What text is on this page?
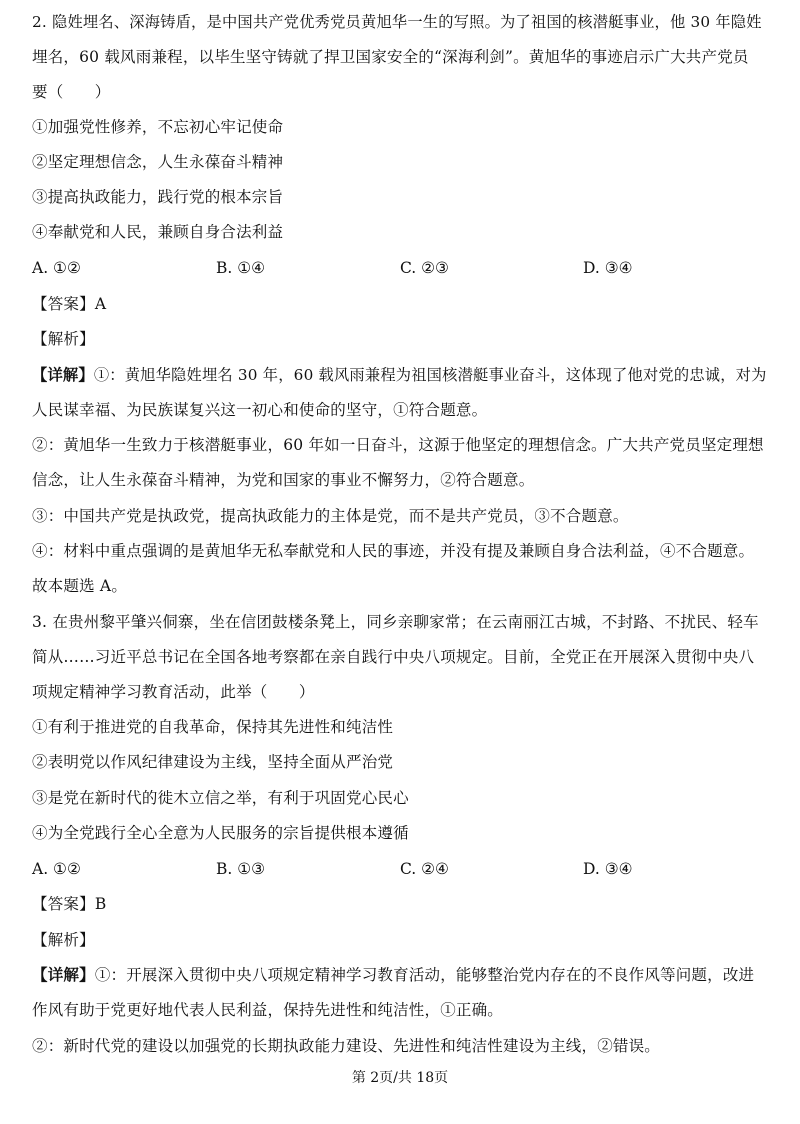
2. 隐姓埋名、深海铸盾，是中国共产党优秀党员黄旭华一生的写照。为了祖国的核潜艇事业，他 30 年隐姓
埋名，60 载风雨兼程，以毕生坚守铸就了捍卫国家安全的“深海利剑”。黄旭华的事迹启示广大共产党员
要（　　）
①加强党性修养，不忘初心牢记使命
②坚定理想信念，人生永葆奋斗精神
③提高执政能力，践行党的根本宗旨
④奉献党和人民，兼顾自身合法利益
A. ①②	B. ①④	C. ②③	D. ③④
【答案】A
【解析】
【详解】①：黄旭华隐姓埋名 30 年，60 载风雨兼程为祖国核潜艇事业奋斗，这体现了他对党的忠诚，对为
人民谋幸福、为民族谋复兴这一初心和使命的坚守，①符合题意。
②：黄旭华一生致力于核潜艇事业，60 年如一日奋斗，这源于他坚定的理想信念。广大共产党员坚定理想
信念，让人生永葆奋斗精神，为党和国家的事业不懈努力，②符合题意。
③：中国共产党是执政党，提高执政能力的主体是党，而不是共产党员，③不合题意。
④：材料中重点强调的是黄旭华无私奉献党和人民的事迹，并没有提及兼顾自身合法利益，④不合题意。
故本题选 A。
3. 在贵州黎平肇兴侗寨，坐在信团鼓楼条凳上，同乡亲聊家常；在云南丽江古城，不封路、不扰民、轻车
简从……习近平总书记在全国各地考察都在亲自践行中央八项规定。目前，全党正在开展深入贯彻中央八
项规定精神学习教育活动，此举（　　）
①有利于推进党的自我革命，保持其先进性和纯洁性
②表明党以作风纪律建设为主线，坚持全面从严治党
③是党在新时代的徙木立信之举，有利于巩固党心民心
④为全党践行全心全意为人民服务的宗旨提供根本遵循
A. ①②	B. ①③	C. ②④	D. ③④
【答案】B
【解析】
【详解】①：开展深入贯彻中央八项规定精神学习教育活动，能够整治党内存在的不良作风等问题，改进
作风有助于党更好地代表人民利益，保持先进性和纯洁性，①正确。
②：新时代党的建设以加强党的长期执政能力建设、先进性和纯洁性建设为主线，②错误。
第 2页/共 18页
